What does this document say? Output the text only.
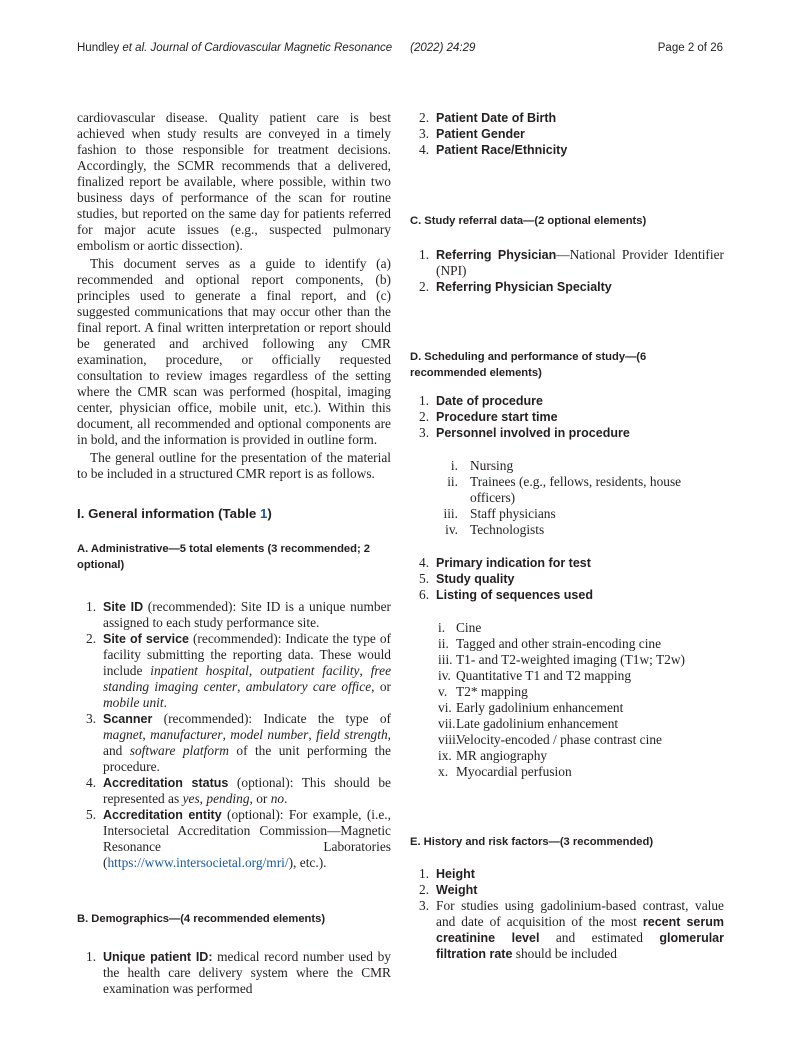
Hundley et al. Journal of Cardiovascular Magnetic Resonance (2022) 24:29	Page 2 of 26

cardiovascular disease. Quality patient care is best achieved when study results are conveyed in a timely fashion to those responsible for treatment decisions. Accordingly, the SCMR recommends that a delivered, finalized report be available, where possible, within two business days of performance of the scan for routine studies, but reported on the same day for patients referred for major acute issues (e.g., suspected pulmonary embolism or aortic dissection).

This document serves as a guide to identify (a) recommended and optional report components, (b) principles used to generate a final report, and (c) suggested communications that may occur other than the final report. A final written interpretation or report should be generated and archived following any CMR examination, procedure, or officially requested consultation to review images regardless of the setting where the CMR scan was performed (hospital, imaging center, physician office, mobile unit, etc.). Within this document, all recommended and optional components are in bold, and the information is provided in outline form.

The general outline for the presentation of the material to be included in a structured CMR report is as follows.

I. General information (Table 1)
A. Administrative—5 total elements (3 recommended; 2 optional)
1. Site ID (recommended): Site ID is a unique number assigned to each study performance site.
2. Site of service (recommended): Indicate the type of facility submitting the reporting data. These would include inpatient hospital, outpatient facility, free standing imaging center, ambulatory care office, or mobile unit.
3. Scanner (recommended): Indicate the type of magnet, manufacturer, model number, field strength, and software platform of the unit performing the procedure.
4. Accreditation status (optional): This should be represented as yes, pending, or no.
5. Accreditation entity (optional): For example, (i.e., Intersocietal Accreditation Commission—Magnetic Resonance Laboratories (https://www.intersocietal.org/mri/), etc.).
B. Demographics—(4 recommended elements)
1. Unique patient ID: medical record number used by the health care delivery system where the CMR examination was performed
2. Patient Date of Birth
3. Patient Gender
4. Patient Race/Ethnicity
C. Study referral data—(2 optional elements)
1. Referring Physician—National Provider Identifier (NPI)
2. Referring Physician Specialty
D. Scheduling and performance of study—(6 recommended elements)
1. Date of procedure
2. Procedure start time
3. Personnel involved in procedure
i. Nursing
ii. Trainees (e.g., fellows, residents, house officers)
iii. Staff physicians
iv. Technologists
4. Primary indication for test
5. Study quality
6. Listing of sequences used
i. Cine
ii. Tagged and other strain-encoding cine
iii. T1- and T2-weighted imaging (T1w; T2w)
iv. Quantitative T1 and T2 mapping
v. T2* mapping
vi. Early gadolinium enhancement
vii. Late gadolinium enhancement
viii.
Velocity-encoded / phase contrast cine
ix. MR angiography
x. Myocardial perfusion
E. History and risk factors—(3 recommended)
1. Height
2. Weight
3. For studies using gadolinium-based contrast, value and date of acquisition of the most recent serum creatinine level and estimated glomerular filtration rate should be included
